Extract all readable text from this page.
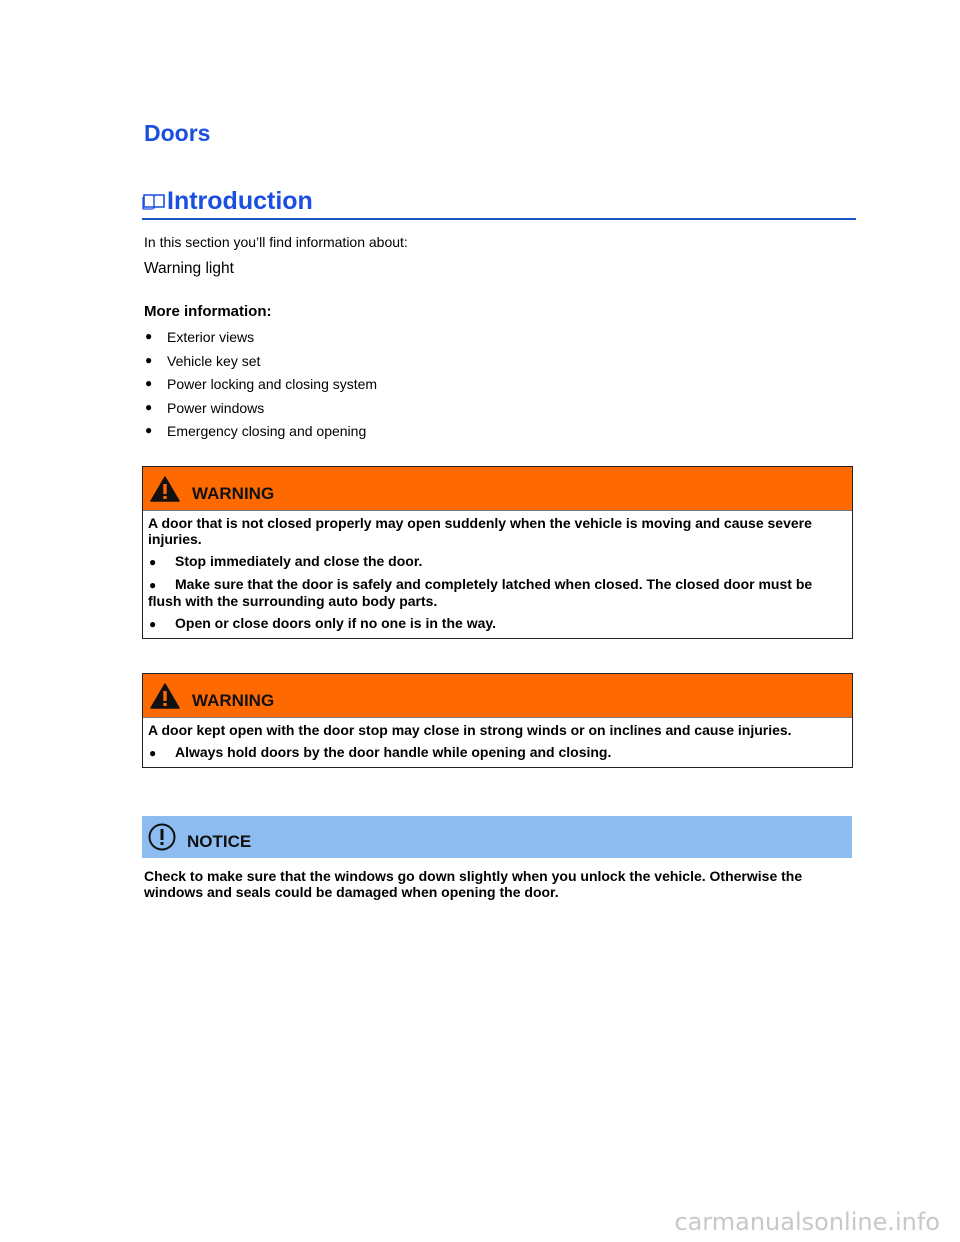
Doors
Introduction
In this section you’ll find information about:
Warning light
More information:
●	Exterior views
●	Vehicle key set
●	Power locking and closing system
●	Power windows
●	Emergency closing and opening
WARNING

A door that is not closed properly may open suddenly when the vehicle is moving and cause severe injuries.

● Stop immediately and close the door.
● Make sure that the door is safely and completely latched when closed. The closed door must be flush with the surrounding auto body parts.
● Open or close doors only if no one is in the way.
WARNING

A door kept open with the door stop may close in strong winds or on inclines and cause injuries.

● Always hold doors by the door handle while opening and closing.
NOTICE
Check to make sure that the windows go down slightly when you unlock the vehicle. Otherwise the windows and seals could be damaged when opening the door.
carmanualsonline.info
